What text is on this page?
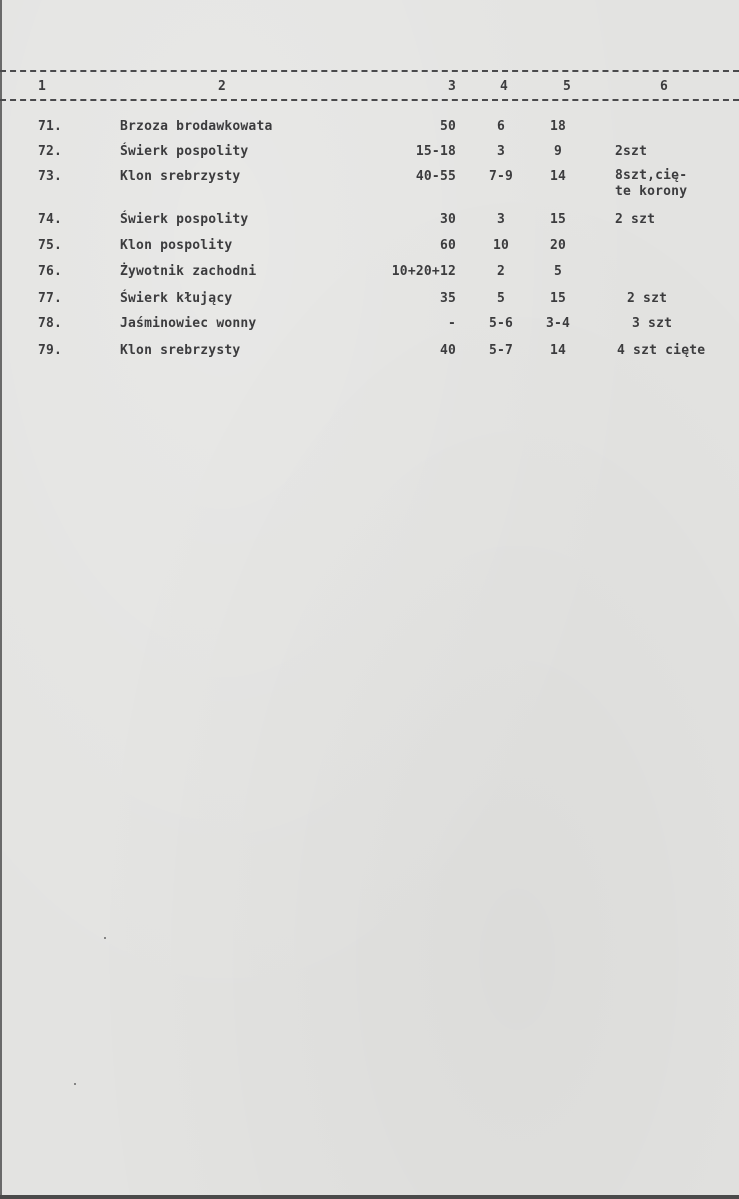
1	2	3	4	5	6
71.	Brzoza brodawkowata	50	6	18
72.	Świerk pospolity	15-18	3	9	2szt
73.	Klon srebrzysty	40-55	7-9	14	8szt,cię-
te korony
74.	Świerk pospolity	30	3	15	2 szt
75.	Klon pospolity	60	10	20
76.	Żywotnik zachodni	10+20+12	2	5
77.	Świerk kłujący	35	5	15	2 szt
78.	Jaśminowiec wonny	-	5-6	3-4	3 szt
79.	Klon srebrzysty	40	5-7	14	4 szt cięte
